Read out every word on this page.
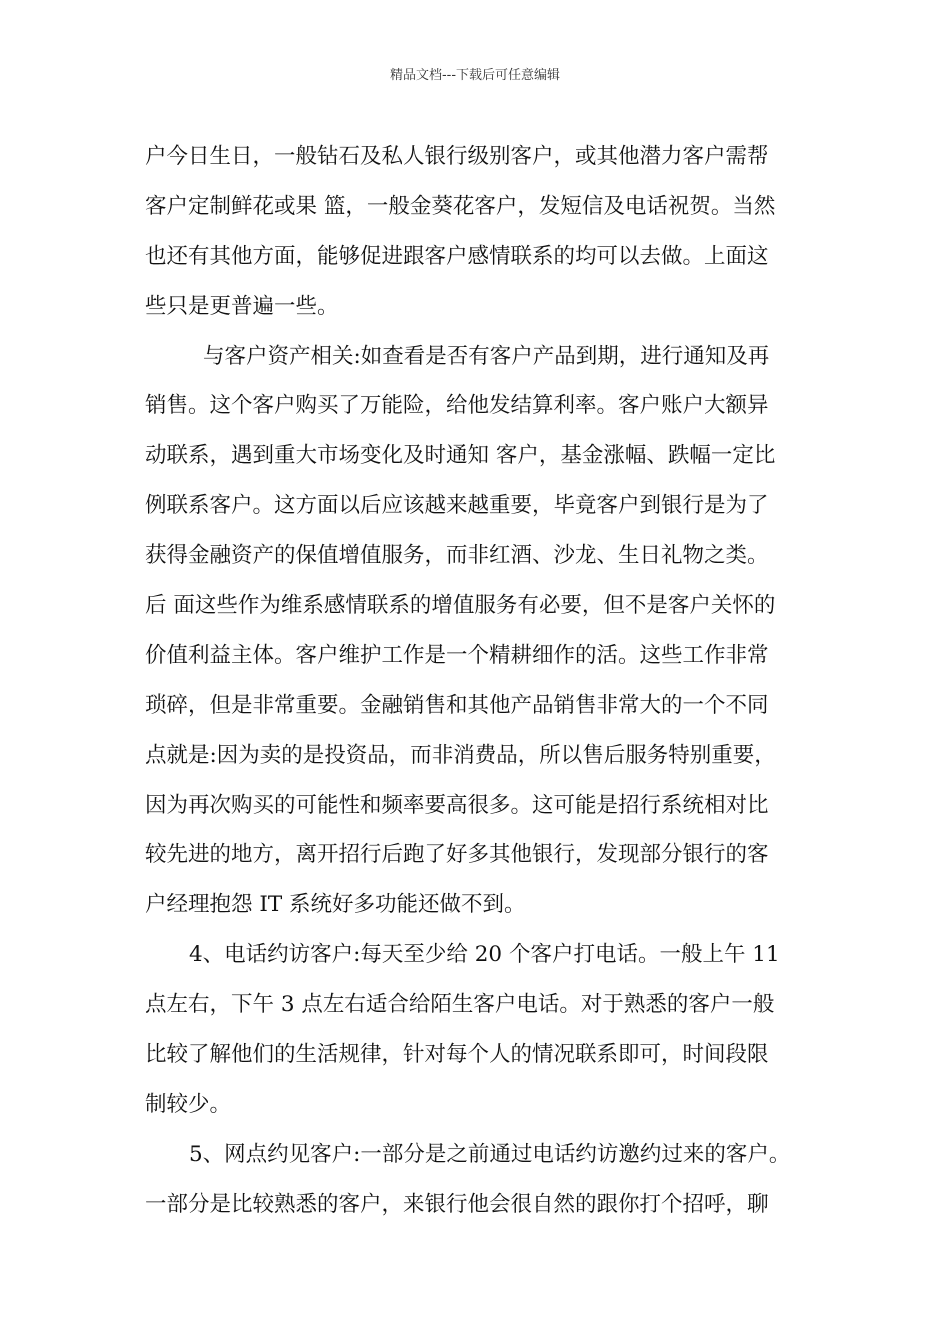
精品文档---下载后可任意编辑
户今日生日，一般钻石及私人银行级别客户，或其他潜力客户需帮
客户定制鲜花或果 篮，一般金葵花客户，发短信及电话祝贺。当然
也还有其他方面，能够促进跟客户感情联系的均可以去做。上面这
些只是更普遍一些。
与客户资产相关:如查看是否有客户产品到期，进行通知及再
销售。这个客户购买了万能险，给他发结算利率。客户账户大额异
动联系，遇到重大市场变化及时通知 客户，基金涨幅、跌幅一定比
例联系客户。这方面以后应该越来越重要，毕竟客户到银行是为了
获得金融资产的保值增值服务，而非红酒、沙龙、生日礼物之类。
后 面这些作为维系感情联系的增值服务有必要，但不是客户关怀的
价值利益主体。客户维护工作是一个精耕细作的活。这些工作非常
琐碎，但是非常重要。金融销售和其他产品销售非常大的一个不同
点就是:因为卖的是投资品，而非消费品，所以售后服务特别重要，
因为再次购买的可能性和频率要高很多。这可能是招行系统相对比
较先进的地方，离开招行后跑了好多其他银行，发现部分银行的客
户经理抱怨 IT 系统好多功能还做不到。
4、电话约访客户:每天至少给 20 个客户打电话。一般上午 11
点左右，下午 3 点左右适合给陌生客户电话。对于熟悉的客户一般
比较了解他们的生活规律，针对每个人的情况联系即可，时间段限
制较少。
5、网点约见客户:一部分是之前通过电话约访邀约过来的客户。
一部分是比较熟悉的客户，来银行他会很自然的跟你打个招呼，聊
